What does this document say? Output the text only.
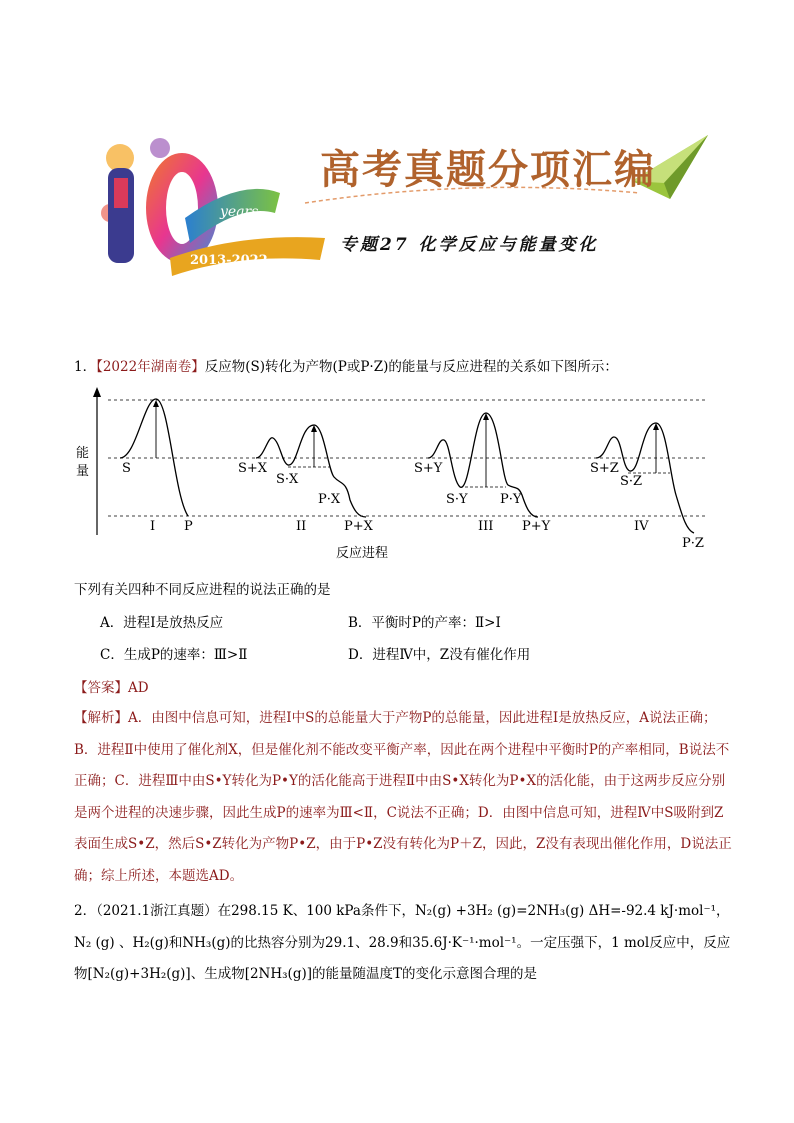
years
2013-2022
高考真题分项汇编
专题27 化学反应与能量变化
1．【2022年湖南卷】反应物(S)转化为产物(P或P·Z)的能量与反应进程的关系如下图所示：
能
量	S
I P
S+X
S·X
P·X
P+X
II
S+Y
S·Y P·Y
P+Y
III
S+Z
S·Z
IV
P·Z
反应进程
下列有关四种不同反应进程的说法正确的是
A．进程Ⅰ是放热反应	B．平衡时P的产率：Ⅱ>Ⅰ
C．生成P的速率：Ⅲ>Ⅱ	D．进程Ⅳ中，Z没有催化作用
【答案】AD
【解析】A．由图中信息可知，进程Ⅰ中S的总能量大于产物P的总能量，因此进程Ⅰ是放热反应，A说法正确；B．进程Ⅱ中使用了催化剂X，但是催化剂不能改变平衡产率，因此在两个进程中平衡时P的产率相同，B说法不正确；C．进程Ⅲ中由S•Y转化为P•Y的活化能高于进程Ⅱ中由S•X转化为P•X的活化能，由于这两步反应分别是两个进程的决速步骤，因此生成P的速率为Ⅲ<Ⅱ，C说法不正确；D．由图中信息可知，进程Ⅳ中S吸附到Z表面生成S•Z，然后S•Z转化为产物P•Z，由于P•Z没有转化为P＋Z，因此，Z没有表现出催化作用，D说法正确；综上所述，本题选AD。
2．（2021.1浙江真题）在298.15 K、100 kPa条件下，N₂(g) +3H₂ (g)=2NH₃(g) ΔH=-92.4 kJ·mol⁻¹，N₂ (g) 、H₂(g)和NH₃(g)的比热容分别为29.1、28.9和35.6J·K⁻¹·mol⁻¹。一定压强下，1 mol反应中，反应物[N₂(g)+3H₂(g)]、生成物[2NH₃(g)]的能量随温度T的变化示意图合理的是
